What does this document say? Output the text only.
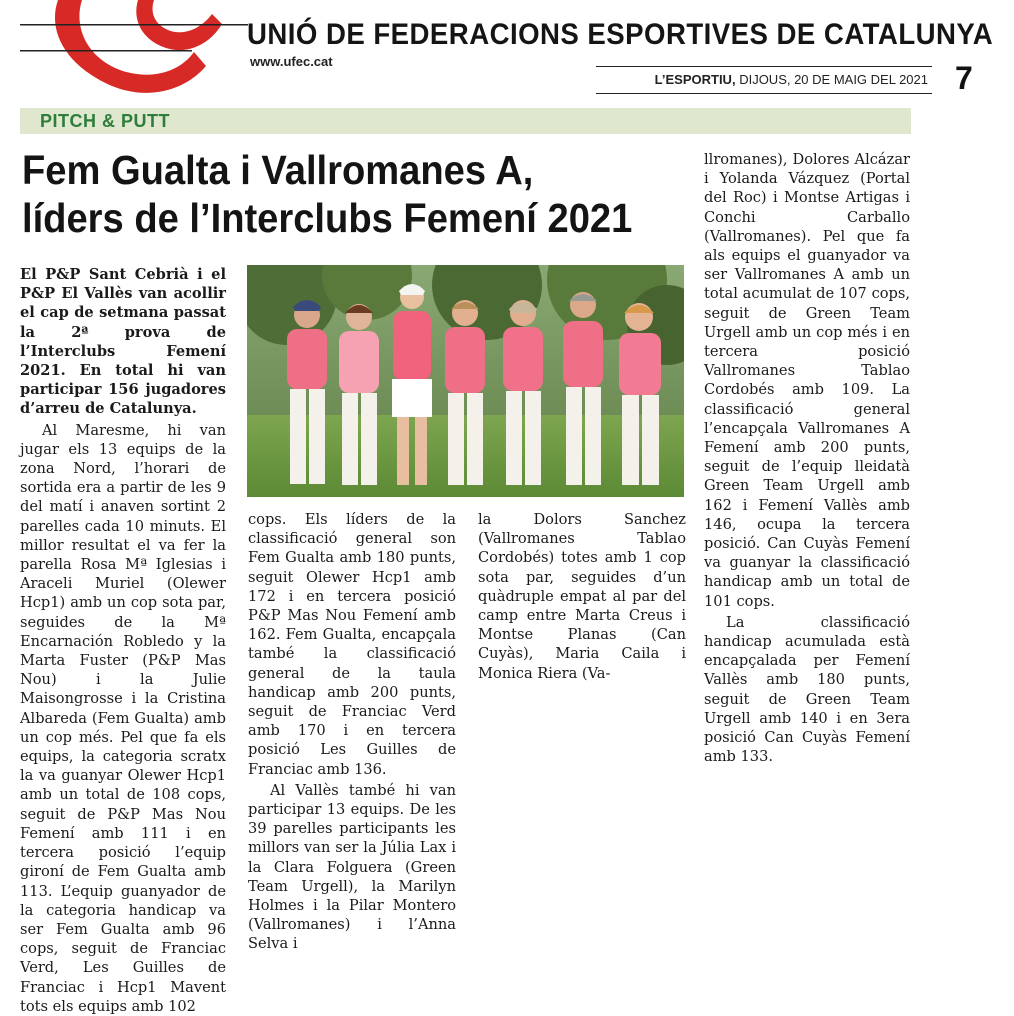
UNIÓ DE FEDERACIONS ESPORTIVES DE CATALUNYA
www.ufec.cat
L’ESPORTIU, DIJOUS, 20 DE MAIG DEL 2021 7
PITCH & PUTT
Fem Gualta i Vallromanes A,
líders de l’Interclubs Femení 2021

El P&P Sant Cebrià i el P&P El Vallès van acollir el cap de setmana passat la 2ª prova de l’Interclubs Femení 2021. En total hi van participar 156 jugadores d’arreu de Catalunya.

Al Maresme, hi van jugar els 13 equips de la zona Nord, l’horari de sortida era a partir de les 9 del matí i anaven sortint 2 parelles cada 10 minuts. El millor resultat el va fer la parella Rosa Mª Iglesias i Araceli Muriel (Olewer Hcp1) amb un cop sota par, seguides de la Mª Encarnación Robledo y la Marta Fuster (P&P Mas Nou) i la Julie Maisongrosse i la Cristina Albareda (Fem Gualta) amb un cop més. Pel que fa els equips, la categoria scratx la va guanyar Olewer Hcp1 amb un total de 108 cops, seguit de P&P Mas Nou Femení amb 111 i en tercera posició l’equip gironí de Fem Gualta amb 113. L’equip guanyador de la categoria handicap va ser Fem Gualta amb 96 cops, seguit de Franciac Verd, Les Guilles de Franciac i Hcp1 Mavent tots els equips amb 102

cops. Els líders de la classificació general son Fem Gualta amb 180 punts, seguit Olewer Hcp1 amb 172 i en tercera posició P&P Mas Nou Femení amb 162. Fem Gualta, encapçala també la classificació general de la taula handicap amb 200 punts, seguit de Franciac Verd amb 170 i en tercera posició Les Guilles de Franciac amb 136.

Al Vallès també hi van participar 13 equips. De les 39 parelles participants les millors van ser la Júlia Lax i la Clara Folguera (Green Team Urgell), la Marilyn Holmes i la Pilar Montero (Vallromanes) i l’Anna Selva i

la Dolors Sanchez (Vallromanes Tablao Cordobés) totes amb 1 cop sota par, seguides d’un quàdruple empat al par del camp entre Marta Creus i Montse Planas (Can Cuyàs), Maria Caila i Monica Riera (Va-

llromanes), Dolores Alcázar i Yolanda Vázquez (Portal del Roc) i Montse Artigas i Conchi Carballo (Vallromanes). Pel que fa als equips el guanyador va ser Vallromanes A amb un total acumulat de 107 cops, seguit de Green Team Urgell amb un cop més i en tercera posició Vallromanes Tablao Cordobés amb 109. La classificació general l’encapçala Vallromanes A Femení amb 200 punts, seguit de l’equip lleidatà Green Team Urgell amb 162 i Femení Vallès amb 146, ocupa la tercera posició. Can Cuyàs Femení va guanyar la classificació handicap amb un total de 101 cops.

La classificació handicap acumulada està encapçalada per Femení Vallès amb 180 punts, seguit de Green Team Urgell amb 140 i en 3era posició Can Cuyàs Femení amb 133.
